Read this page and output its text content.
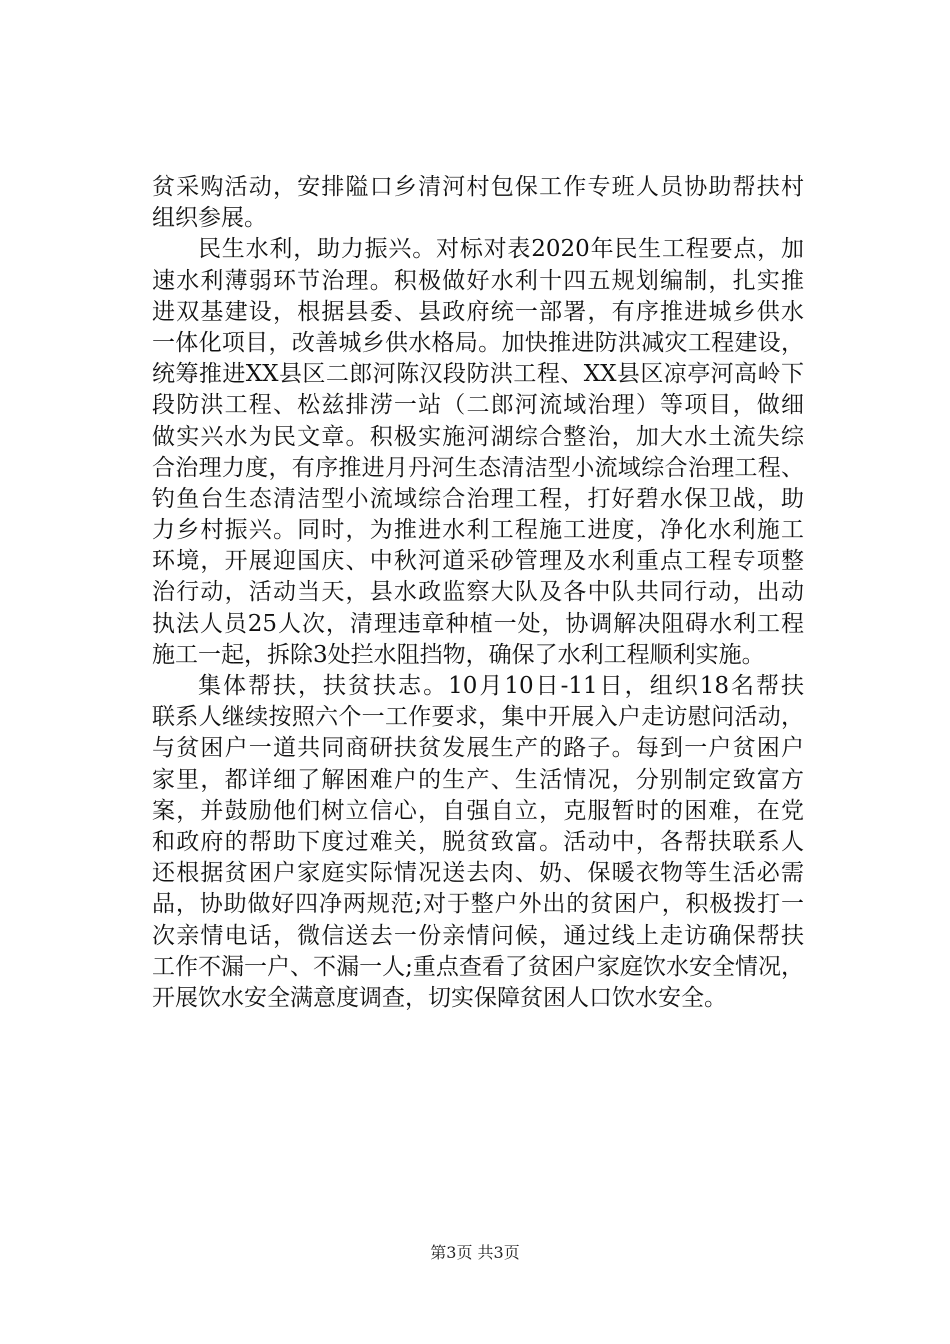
贫采购活动，安排隘口乡清河村包保工作专班人员协助帮扶村
组织参展。
民生水利，助力振兴。对标对表2020年民生工程要点，加
速水利薄弱环节治理。积极做好水利十四五规划编制，扎实推
进双基建设，根据县委、县政府统一部署，有序推进城乡供水
一体化项目，改善城乡供水格局。加快推进防洪减灾工程建设，
统筹推进XX县区二郎河陈汉段防洪工程、XX县区凉亭河高岭下
段防洪工程、松兹排涝一站（二郎河流域治理）等项目，做细
做实兴水为民文章。积极实施河湖综合整治，加大水土流失综
合治理力度，有序推进月丹河生态清洁型小流域综合治理工程、
钓鱼台生态清洁型小流域综合治理工程，打好碧水保卫战，助
力乡村振兴。同时，为推进水利工程施工进度，净化水利施工
环境，开展迎国庆、中秋河道采砂管理及水利重点工程专项整
治行动，活动当天，县水政监察大队及各中队共同行动，出动
执法人员25人次，清理违章种植一处，协调解决阻碍水利工程
施工一起，拆除3处拦水阻挡物，确保了水利工程顺利实施。
集体帮扶，扶贫扶志。10月10日-11日，组织18名帮扶
联系人继续按照六个一工作要求，集中开展入户走访慰问活动，
与贫困户一道共同商研扶贫发展生产的路子。每到一户贫困户
家里，都详细了解困难户的生产、生活情况，分别制定致富方
案，并鼓励他们树立信心，自强自立，克服暂时的困难，在党
和政府的帮助下度过难关，脱贫致富。活动中，各帮扶联系人
还根据贫困户家庭实际情况送去肉、奶、保暖衣物等生活必需
品，协助做好四净两规范;对于整户外出的贫困户，积极拨打一
次亲情电话，微信送去一份亲情问候，通过线上走访确保帮扶
工作不漏一户、不漏一人;重点查看了贫困户家庭饮水安全情况，
开展饮水安全满意度调查，切实保障贫困人口饮水安全。
第3页 共3页
